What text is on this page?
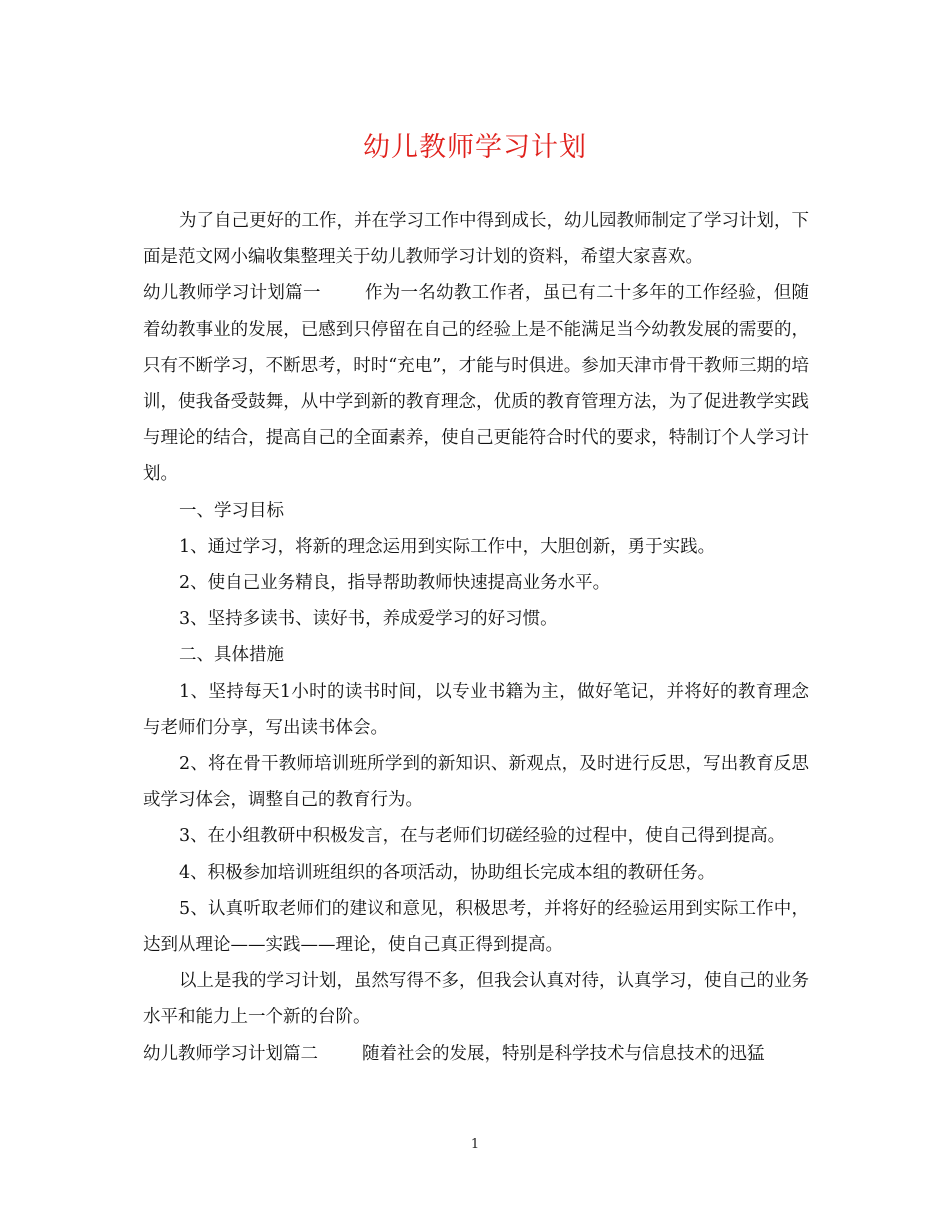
幼儿教师学习计划

为了自己更好的工作，并在学习工作中得到成长，幼儿园教师制定了学习计划，下面是范文网小编收集整理关于幼儿教师学习计划的资料，希望大家喜欢。

幼儿教师学习计划篇一	作为一名幼教工作者，虽已有二十多年的工作经验，但随着幼教事业的发展，已感到只停留在自己的经验上是不能满足当今幼教发展的需要的，只有不断学习，不断思考，时时“充电”，才能与时俱进。参加天津市骨干教师三期的培训，使我备受鼓舞，从中学到新的教育理念，优质的教育管理方法，为了促进教学实践与理论的结合，提高自己的全面素养，使自己更能符合时代的要求，特制订个人学习计划。

一、学习目标

1、通过学习，将新的理念运用到实际工作中，大胆创新，勇于实践。

2、使自己业务精良，指导帮助教师快速提高业务水平。

3、坚持多读书、读好书，养成爱学习的好习惯。

二、具体措施

1、坚持每天1小时的读书时间，以专业书籍为主，做好笔记，并将好的教育理念与老师们分享，写出读书体会。

2、将在骨干教师培训班所学到的新知识、新观点，及时进行反思，写出教育反思或学习体会，调整自己的教育行为。

3、在小组教研中积极发言，在与老师们切磋经验的过程中，使自己得到提高。

4、积极参加培训班组织的各项活动，协助组长完成本组的教研任务。

5、认真听取老师们的建议和意见，积极思考，并将好的经验运用到实际工作中，达到从理论——实践——理论，使自己真正得到提高。

以上是我的学习计划，虽然写得不多，但我会认真对待，认真学习，使自己的业务水平和能力上一个新的台阶。

幼儿教师学习计划篇二	随着社会的发展，特别是科学技术与信息技术的迅猛

1
